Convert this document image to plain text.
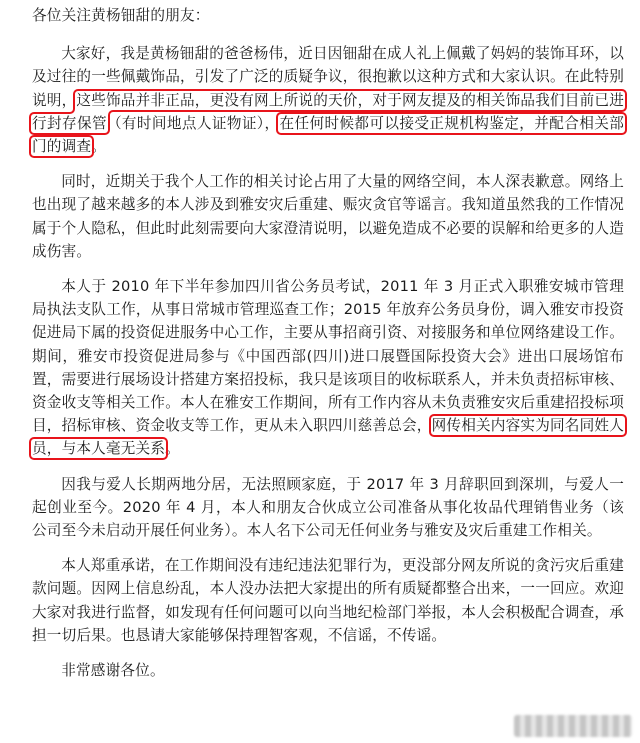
各位关注黄杨钿甜的朋友：

大家好，我是黄杨钿甜的爸爸杨伟，近日因钿甜在成人礼上佩戴了妈妈的装饰耳环，以及过往的一些佩戴饰品，引发了广泛的质疑争议，很抱歉以这种方式和大家认识。在此特别说明，这些饰品并非正品，更没有网上所说的天价，对于网友提及的相关饰品我们目前已进行封存保管（有时间地点人证物证），在任何时候都可以接受正规机构鉴定，并配合相关部门的调查。

同时，近期关于我个人工作的相关讨论占用了大量的网络空间，本人深表歉意。网络上也出现了越来越多的本人涉及到雅安灾后重建、赈灾贪官等谣言。我知道虽然我的工作情况属于个人隐私，但此时此刻需要向大家澄清说明，以避免造成不必要的误解和给更多的人造成伤害。

本人于 2010 年下半年参加四川省公务员考试，2011 年 3 月正式入职雅安城市管理局执法支队工作，从事日常城市管理巡查工作；2015 年放弃公务员身份，调入雅安市投资促进局下属的投资促进服务中心工作，主要从事招商引资、对接服务和单位网络建设工作。期间，雅安市投资促进局参与《中国西部(四川)进口展暨国际投资大会》进出口展场馆布置，需要进行展场设计搭建方案招投标，我只是该项目的收标联系人，并未负责招标审核、资金收支等相关工作。本人在雅安工作期间，所有工作内容从未负责雅安灾后重建招投标项目，招标审核、资金收支等工作，更从未入职四川慈善总会，网传相关内容实为同名同姓人员，与本人毫无关系。

因我与爱人长期两地分居，无法照顾家庭，于 2017 年 3 月辞职回到深圳，与爱人一起创业至今。2020 年 4 月，本人和朋友合伙成立公司准备从事化妆品代理销售业务（该公司至今未启动开展任何业务）。本人名下公司无任何业务与雅安及灾后重建工作相关。

本人郑重承诺，在工作期间没有违纪违法犯罪行为，更没部分网友所说的贪污灾后重建款问题。因网上信息纷乱，本人没办法把大家提出的所有质疑都整合出来，一一回应。欢迎大家对我进行监督，如发现有任何问题可以向当地纪检部门举报，本人会积极配合调查，承担一切后果。也恳请大家能够保持理智客观，不信谣，不传谣。

非常感谢各位。
